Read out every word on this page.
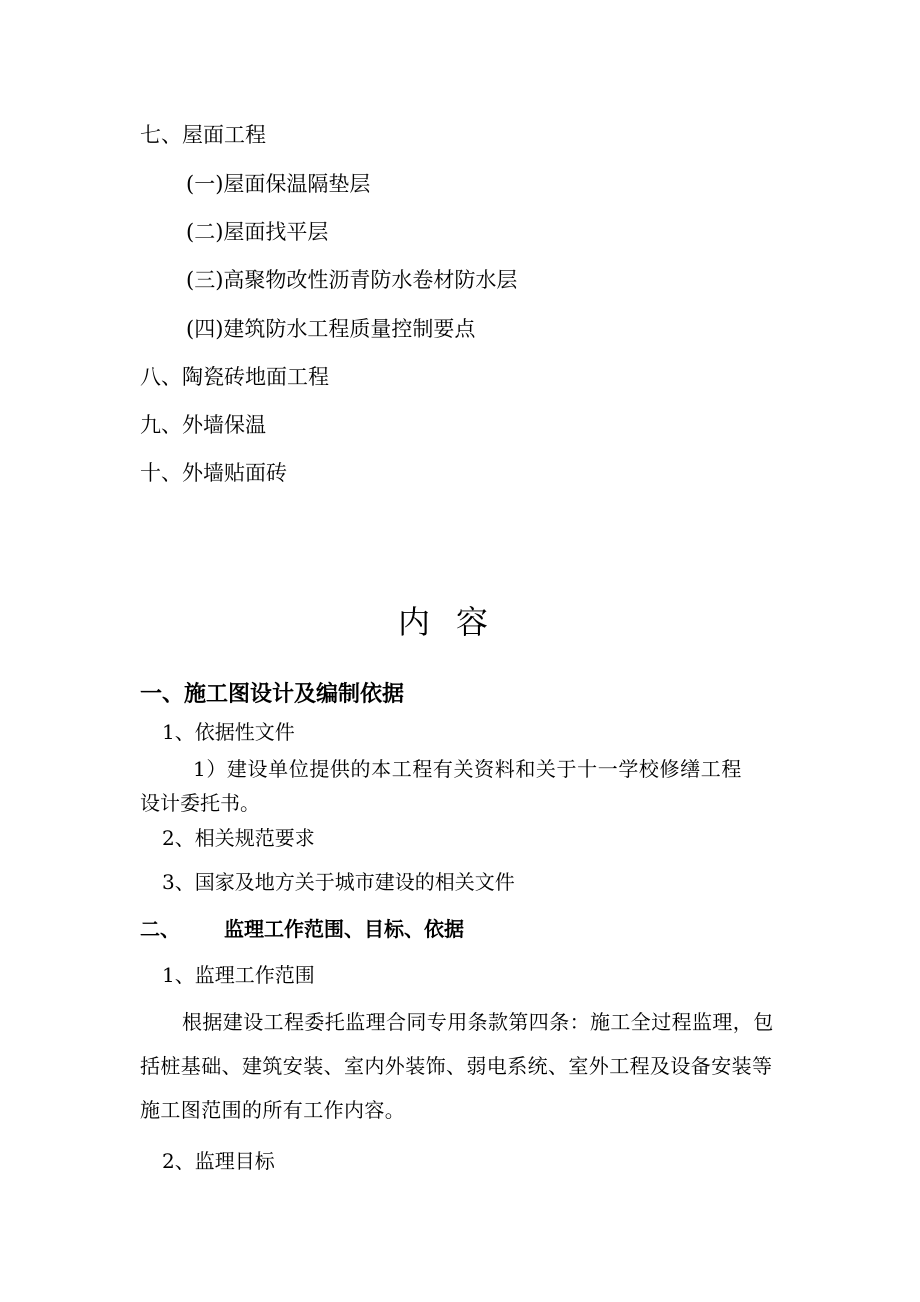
七、屋面工程
(一)屋面保温隔垫层
(二)屋面找平层
(三)高聚物改性沥青防水卷材防水层
(四)建筑防水工程质量控制要点
八、陶瓷砖地面工程
九、外墙保温
十、外墙贴面砖
内容
一、施工图设计及编制依据
1、依据性文件
1）建设单位提供的本工程有关资料和关于十一学校修缮工程
设计委托书。
2、相关规范要求
3、国家及地方关于城市建设的相关文件
二、 监理工作范围、目标、依据
1、监理工作范围
根据建设工程委托监理合同专用条款第四条：施工全过程监理，包括桩基础、建筑安装、室内外装饰、弱电系统、室外工程及设备安装等施工图范围的所有工作内容。
2、监理目标
